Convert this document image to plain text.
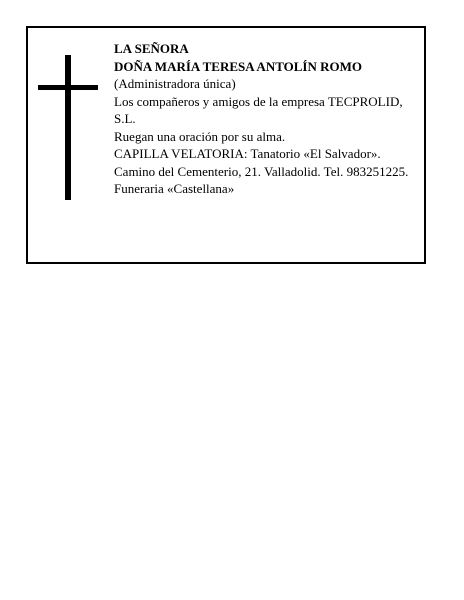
LA SEÑORA
DOÑA MARÍA TERESA ANTOLÍN ROMO
(Administradora única)
Los compañeros y amigos de la empresa TECPROLID, S.L.
Ruegan una oración por su alma.
CAPILLA VELATORIA: Tanatorio «El Salvador».
Camino del Cementerio, 21. Valladolid. Tel. 983251225.
Funeraria «Castellana»
